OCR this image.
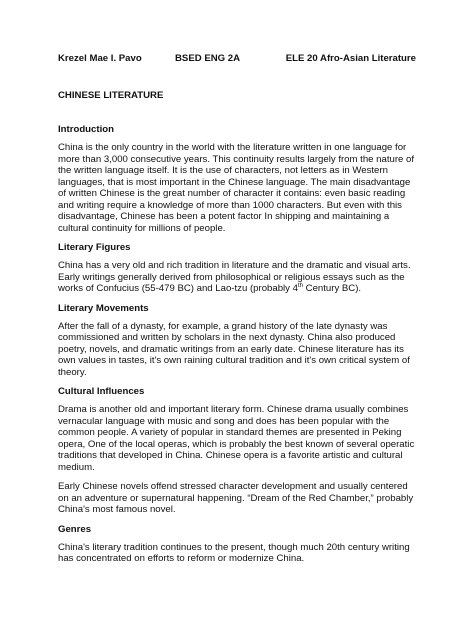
Krezel Mae I. Pavo	BSED ENG 2A	ELE 20 Afro-Asian Literature
CHINESE LITERATURE
Introduction

China is the only country in the world with the literature written in one language for more than 3,000 consecutive years. This continuity results largely from the nature of the written language itself. It is the use of characters, not letters as in Western languages, that is most important in the Chinese language. The main disadvantage of written Chinese is the great number of character it contains: even basic reading and writing require a knowledge of more than 1000 characters. But even with this disadvantage, Chinese has been a potent factor In shipping and maintaining a cultural continuity for millions of people.

Literary Figures

China has a very old and rich tradition in literature and the dramatic and visual arts. Early writings generally derived from philosophical or religious essays such as the works of Confucius (55-479 BC) and Lao-tzu (probably 4th Century BC).

Literary Movements

After the fall of a dynasty, for example, a grand history of the late dynasty was commissioned and written by scholars in the next dynasty. China also produced poetry, novels, and dramatic writings from an early date. Chinese literature has its own values in tastes, it's own raining cultural tradition and it's own critical system of theory.

Cultural Influences

Drama is another old and important literary form. Chinese drama usually combines vernacular language with music and song and does has been popular with the common people. A variety of popular in standard themes are presented in Peking opera, One of the local operas, which is probably the best known of several operatic traditions that developed in China. Chinese opera is a favorite artistic and cultural medium.

Early Chinese novels offend stressed character development and usually centered on an adventure or supernatural happening. “Dream of the Red Chamber,” probably China's most famous novel.

Genres

China's literary tradition continues to the present, though much 20th century writing has concentrated on efforts to reform or modernize China.
